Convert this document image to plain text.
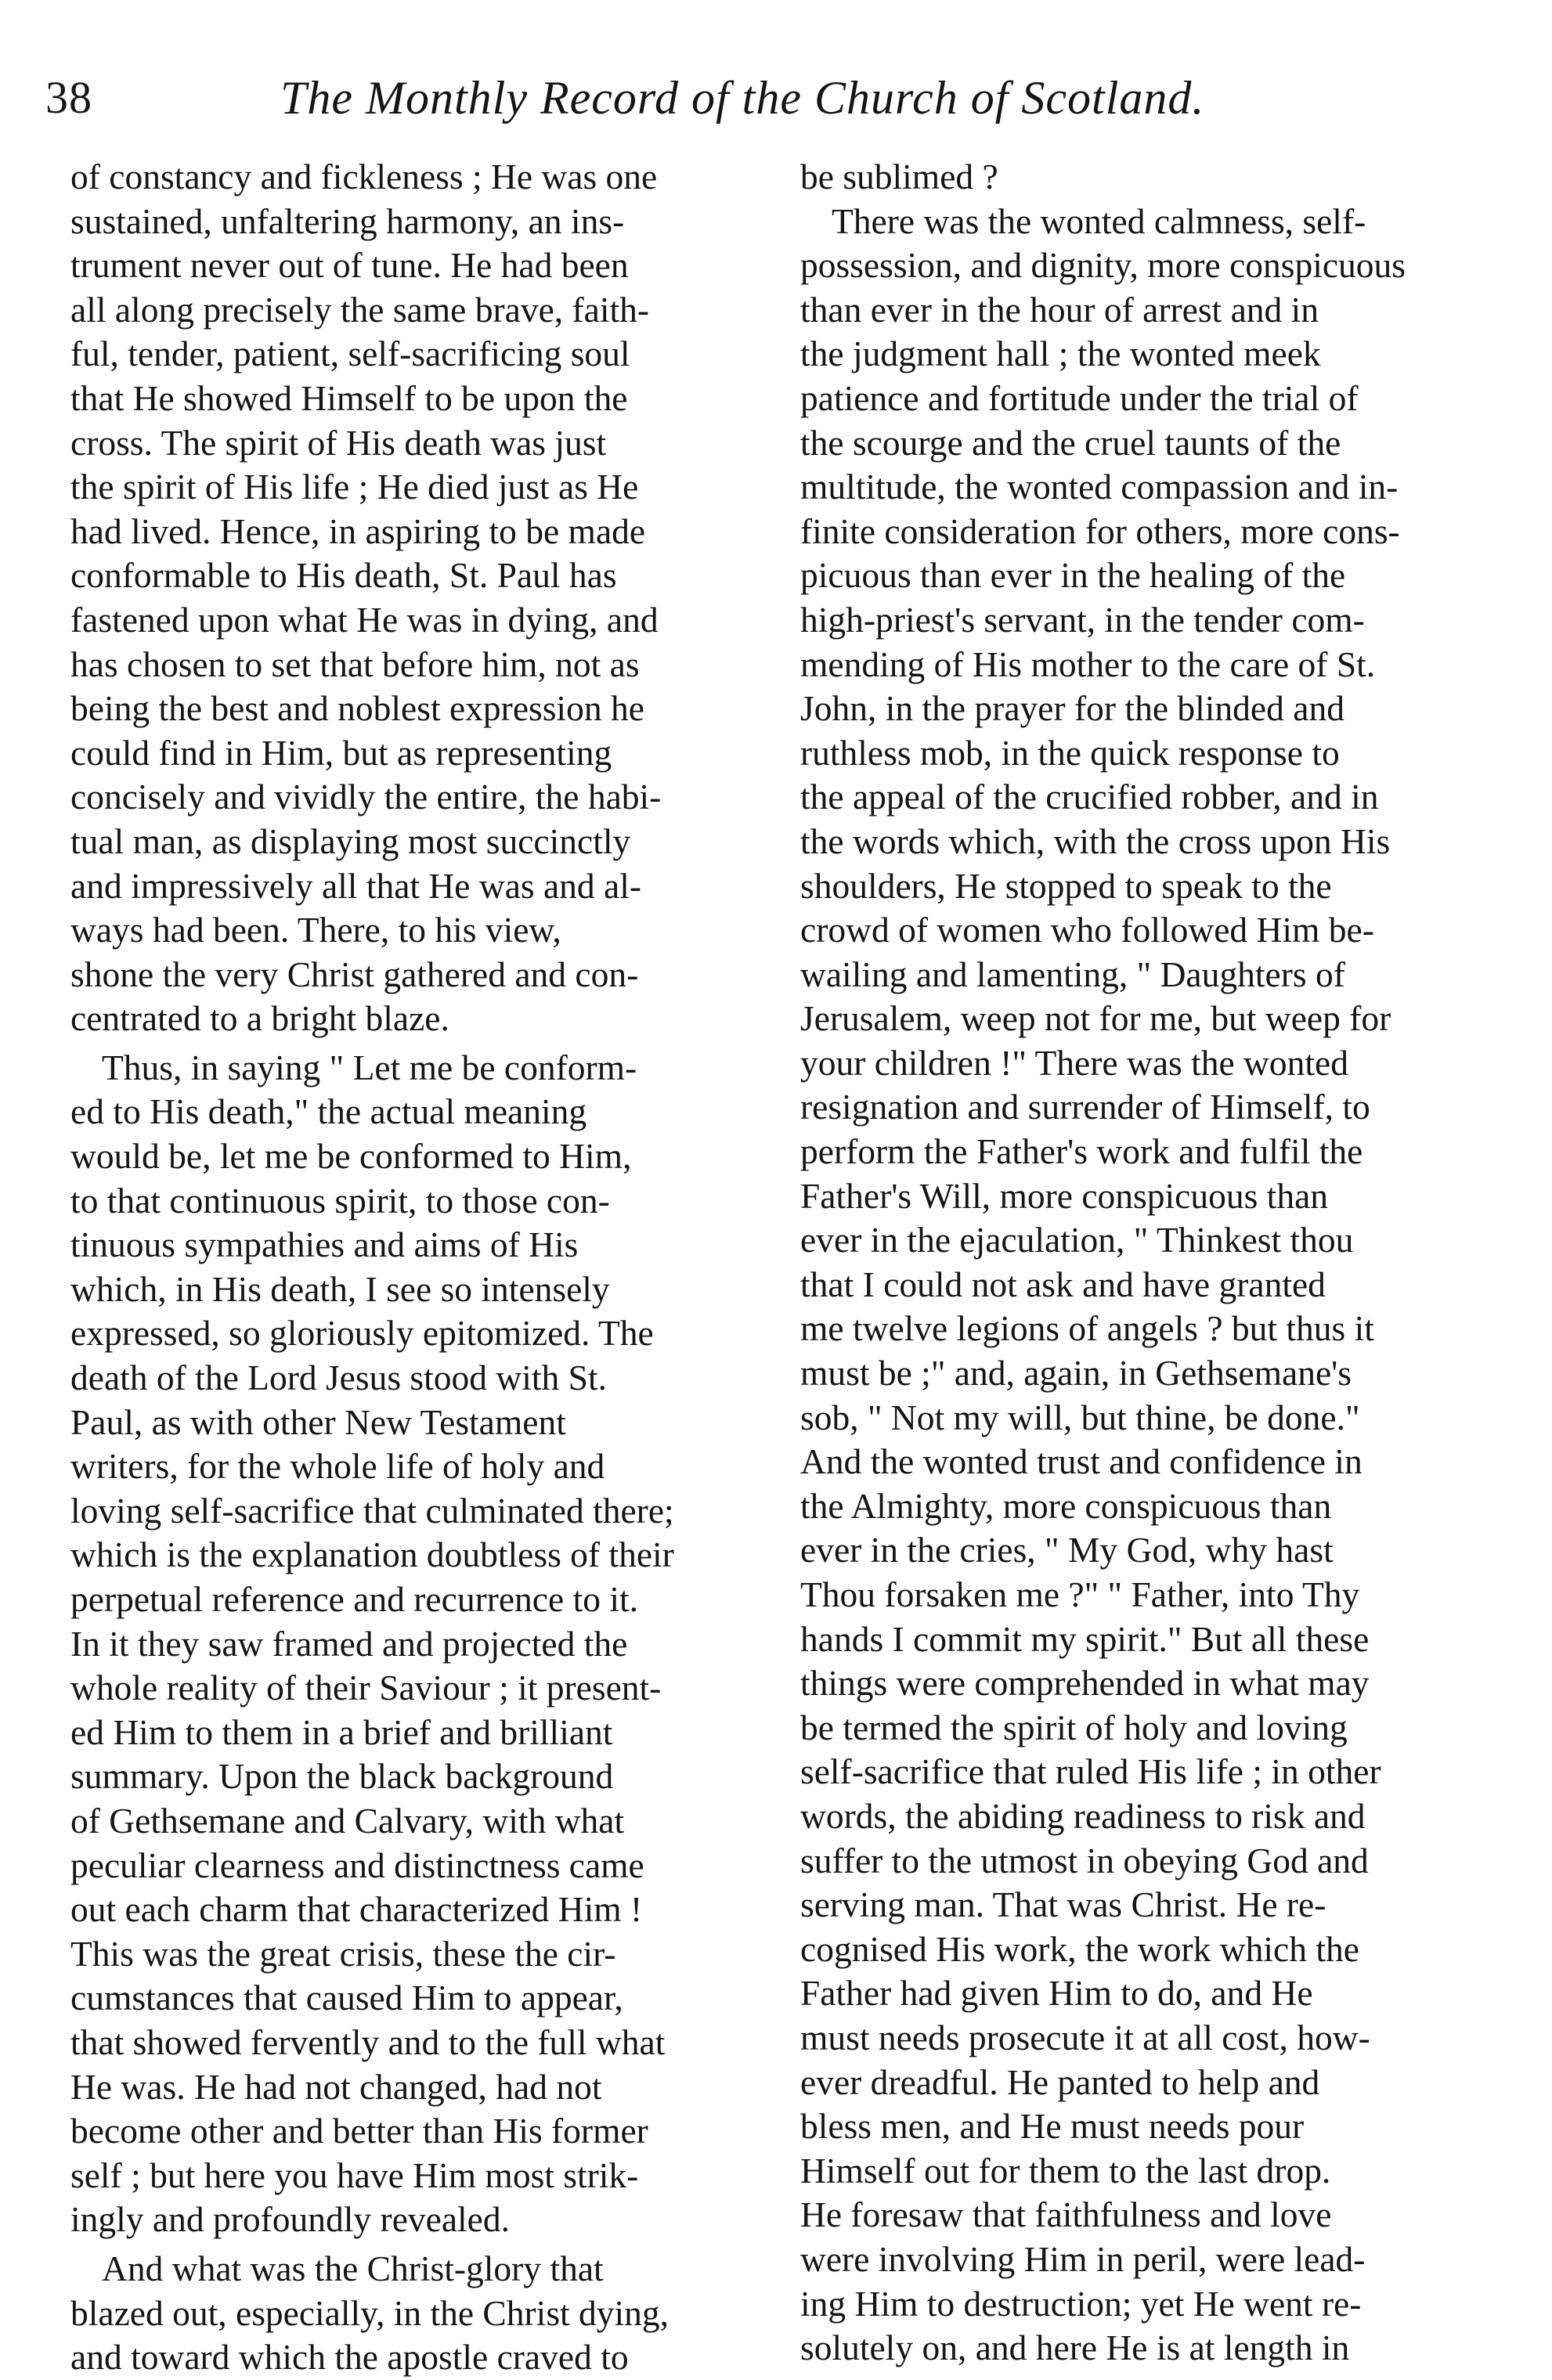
38	The Monthly Record of the Church of Scotland.
of constancy and fickleness ; He was one
sustained, unfaltering harmony, an ins-
trument never out of tune. He had been
all along precisely the same brave, faith-
ful, tender, patient, self-sacrificing soul
that He showed Himself to be upon the
cross. The spirit of His death was just
the spirit of His life ; He died just as He
had lived. Hence, in aspiring to be made
conformable to His death, St. Paul has
fastened upon what He was in dying, and
has chosen to set that before him, not as
being the best and noblest expression he
could find in Him, but as representing
concisely and vividly the entire, the habi-
tual man, as displaying most succinctly
and impressively all that He was and al-
ways had been. There, to his view,
shone the very Christ gathered and con-
centrated to a bright blaze.
Thus, in saying " Let me be conform-
ed to His death," the actual meaning
would be, let me be conformed to Him,
to that continuous spirit, to those con-
tinuous sympathies and aims of His
which, in His death, I see so intensely
expressed, so gloriously epitomized. The
death of the Lord Jesus stood with St.
Paul, as with other New Testament
writers, for the whole life of holy and
loving self-sacrifice that culminated there;
which is the explanation doubtless of their
perpetual reference and recurrence to it.
In it they saw framed and projected the
whole reality of their Saviour ; it present-
ed Him to them in a brief and brilliant
summary. Upon the black background
of Gethsemane and Calvary, with what
peculiar clearness and distinctness came
out each charm that characterized Him !
This was the great crisis, these the cir-
cumstances that caused Him to appear,
that showed fervently and to the full what
He was. He had not changed, had not
become other and better than His former
self ; but here you have Him most strik-
ingly and profoundly revealed.
And what was the Christ-glory that
blazed out, especially, in the Christ dying,
and toward which the apostle craved to
be sublimed ?
There was the wonted calmness, self-
possession, and dignity, more conspicuous
than ever in the hour of arrest and in
the judgment hall ; the wonted meek
patience and fortitude under the trial of
the scourge and the cruel taunts of the
multitude, the wonted compassion and in-
finite consideration for others, more cons-
picuous than ever in the healing of the
high-priest's servant, in the tender com-
mending of His mother to the care of St.
John, in the prayer for the blinded and
ruthless mob, in the quick response to
the appeal of the crucified robber, and in
the words which, with the cross upon His
shoulders, He stopped to speak to the
crowd of women who followed Him be-
wailing and lamenting, " Daughters of
Jerusalem, weep not for me, but weep for
your children !" There was the wonted
resignation and surrender of Himself, to
perform the Father's work and fulfil the
Father's Will, more conspicuous than
ever in the ejaculation, " Thinkest thou
that I could not ask and have granted
me twelve legions of angels ? but thus it
must be ;" and, again, in Gethsemane's
sob, " Not my will, but thine, be done."
And the wonted trust and confidence in
the Almighty, more conspicuous than
ever in the cries, " My God, why hast
Thou forsaken me ?" " Father, into Thy
hands I commit my spirit." But all these
things were comprehended in what may
be termed the spirit of holy and loving
self-sacrifice that ruled His life ; in other
words, the abiding readiness to risk and
suffer to the utmost in obeying God and
serving man. That was Christ. He re-
cognised His work, the work which the
Father had given Him to do, and He
must needs prosecute it at all cost, how-
ever dreadful. He panted to help and
bless men, and He must needs pour
Himself out for them to the last drop.
He foresaw that faithfulness and love
were involving Him in peril, were lead-
ing Him to destruction; yet He went re-
solutely on, and here He is at length in
